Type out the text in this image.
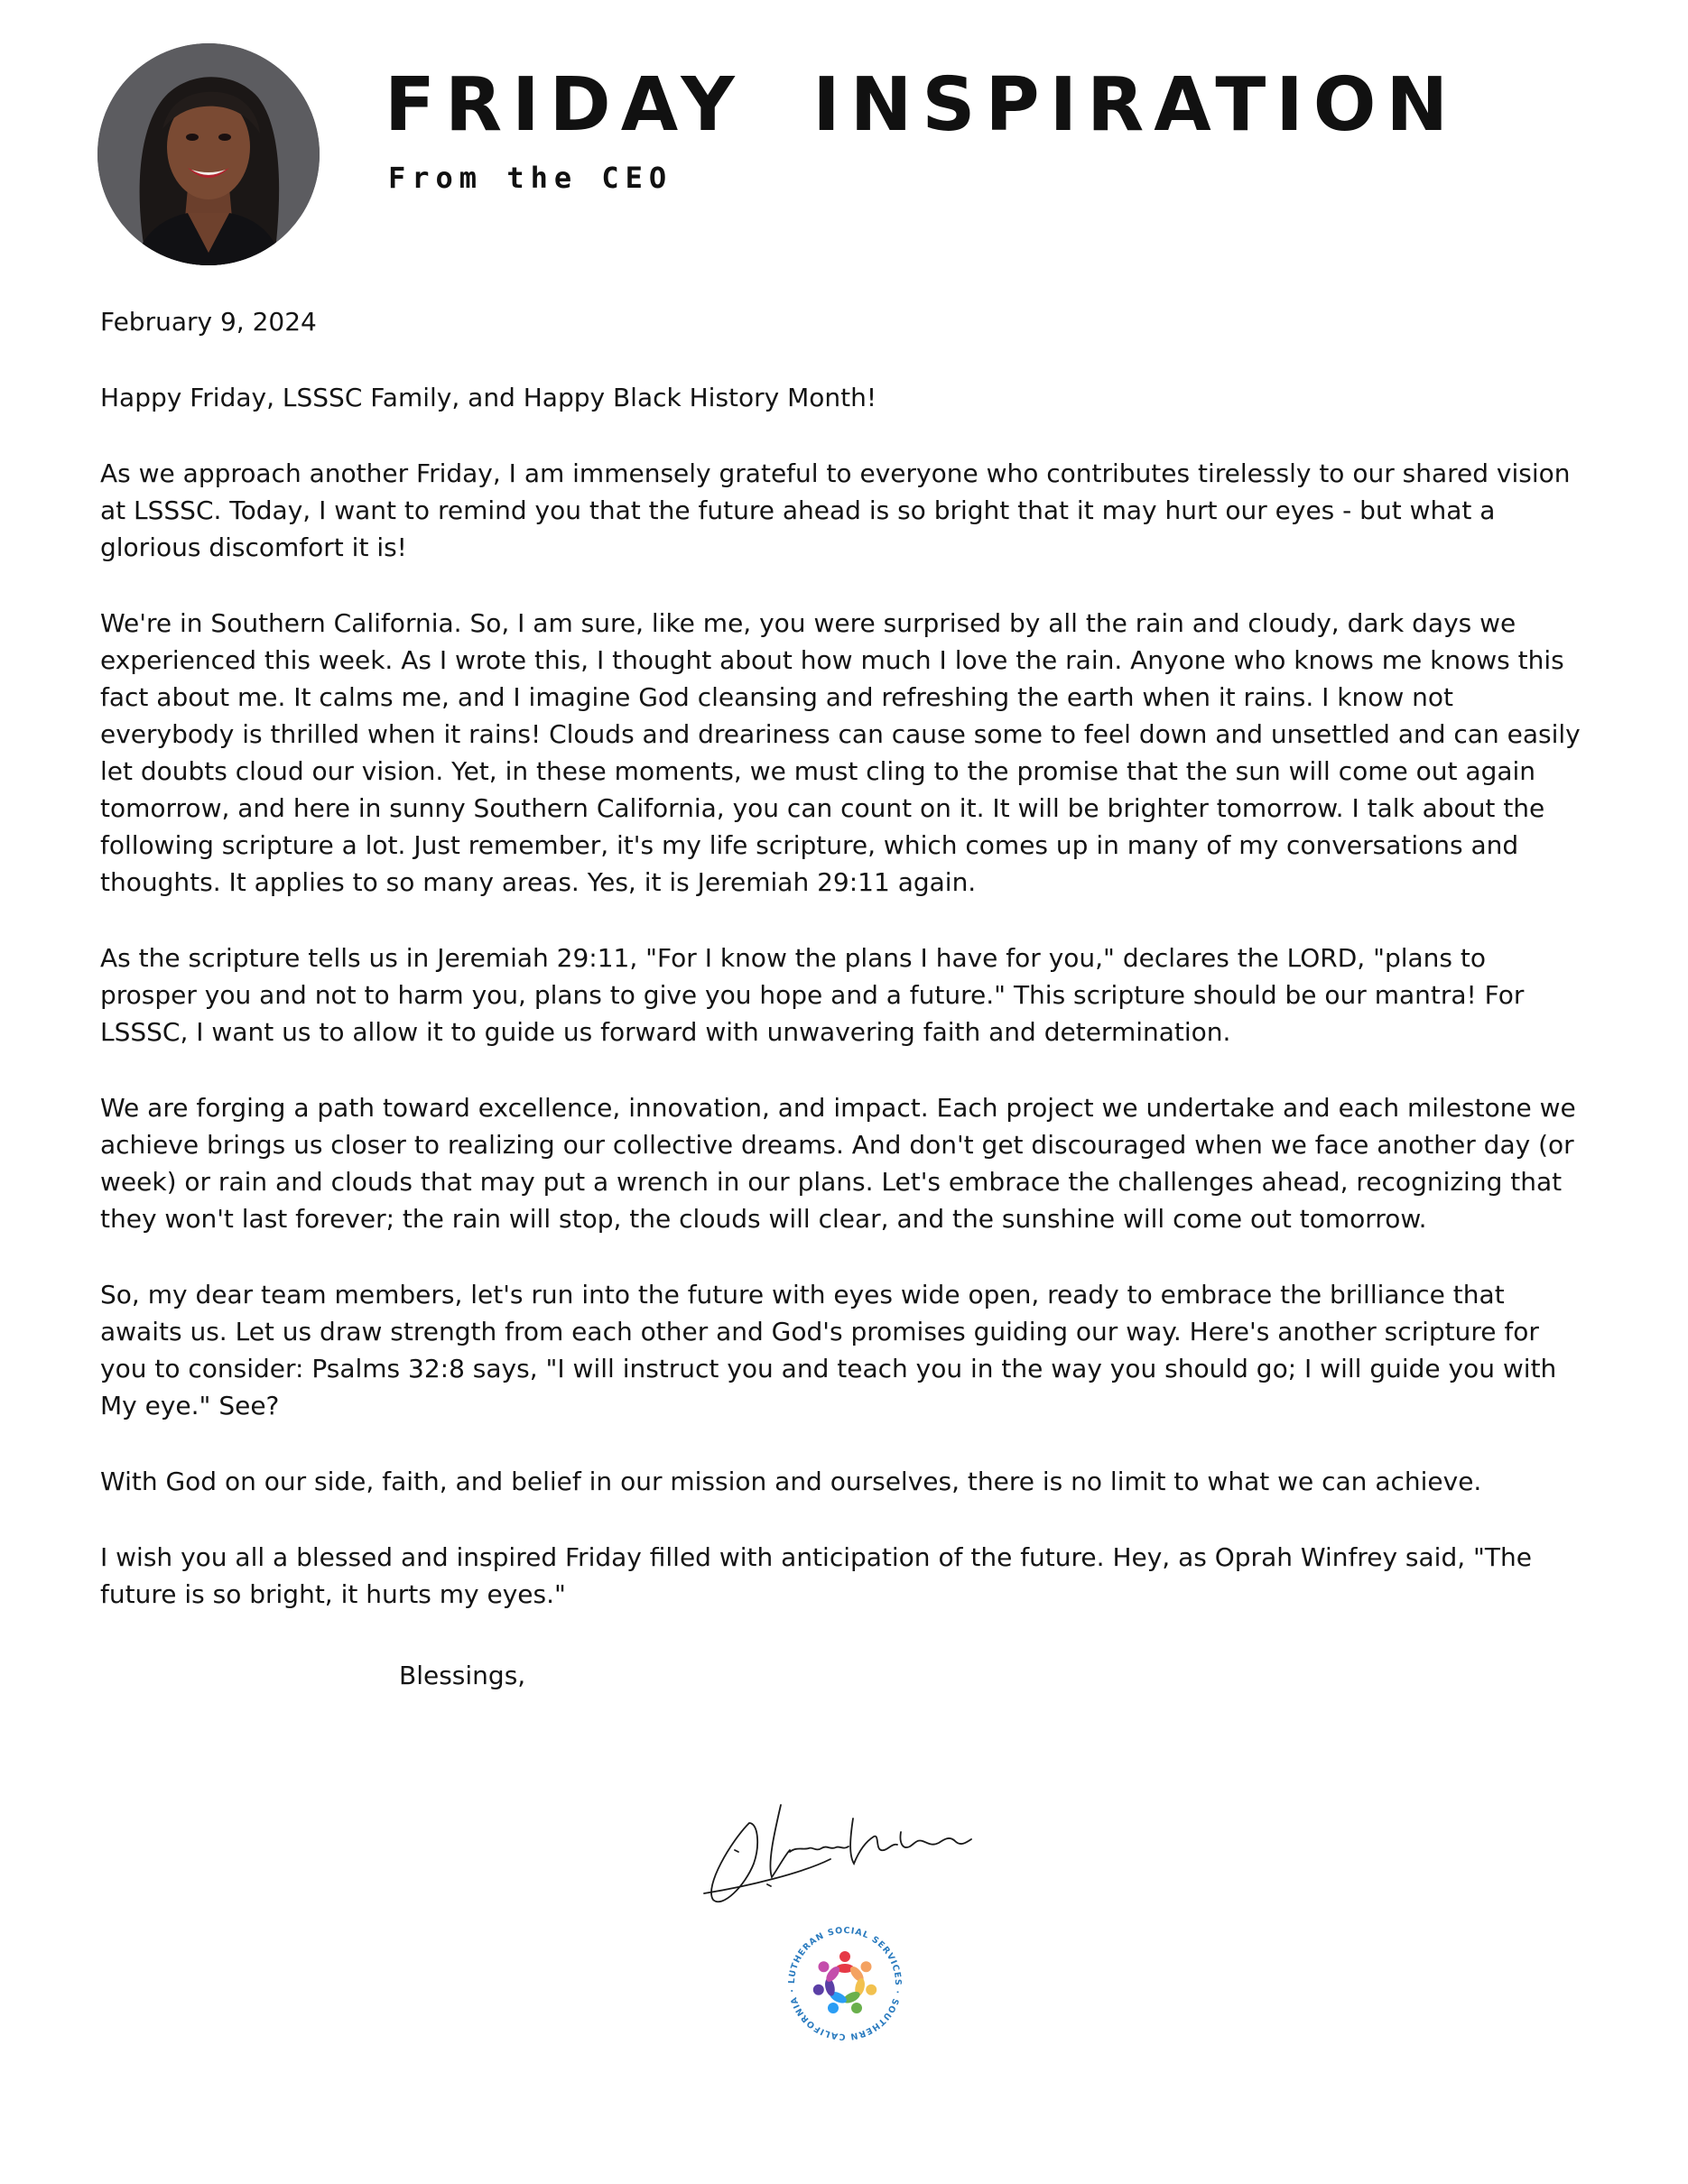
FRIDAY INSPIRATION
From the CEO

February 9, 2024

Happy Friday, LSSSC Family, and Happy Black History Month!

As we approach another Friday, I am immensely grateful to everyone who contributes tirelessly to our shared vision at LSSSC. Today, I want to remind you that the future ahead is so bright that it may hurt our eyes - but what a glorious discomfort it is!

We're in Southern California. So, I am sure, like me, you were surprised by all the rain and cloudy, dark days we experienced this week. As I wrote this, I thought about how much I love the rain. Anyone who knows me knows this fact about me. It calms me, and I imagine God cleansing and refreshing the earth when it rains. I know not everybody is thrilled when it rains! Clouds and dreariness can cause some to feel down and unsettled and can easily let doubts cloud our vision. Yet, in these moments, we must cling to the promise that the sun will come out again tomorrow, and here in sunny Southern California, you can count on it. It will be brighter tomorrow. I talk about the following scripture a lot. Just remember, it's my life scripture, which comes up in many of my conversations and thoughts. It applies to so many areas. Yes, it is Jeremiah 29:11 again.

As the scripture tells us in Jeremiah 29:11, "For I know the plans I have for you," declares the LORD, "plans to prosper you and not to harm you, plans to give you hope and a future." This scripture should be our mantra! For LSSSC, I want us to allow it to guide us forward with unwavering faith and determination.

We are forging a path toward excellence, innovation, and impact. Each project we undertake and each milestone we achieve brings us closer to realizing our collective dreams. And don't get discouraged when we face another day (or week) or rain and clouds that may put a wrench in our plans. Let's embrace the challenges ahead, recognizing that they won't last forever; the rain will stop, the clouds will clear, and the sunshine will come out tomorrow.

So, my dear team members, let's run into the future with eyes wide open, ready to embrace the brilliance that awaits us. Let us draw strength from each other and God's promises guiding our way. Here's another scripture for you to consider: Psalms 32:8 says, "I will instruct you and teach you in the way you should go; I will guide you with My eye." See?

With God on our side, faith, and belief in our mission and ourselves, there is no limit to what we can achieve.

I wish you all a blessed and inspired Friday filled with anticipation of the future. Hey, as Oprah Winfrey said, "The future is so bright, it hurts my eyes."

Blessings,
LUTHERAN SOCIAL SERVICES · SOUTHERN CALIFORNIA ·
